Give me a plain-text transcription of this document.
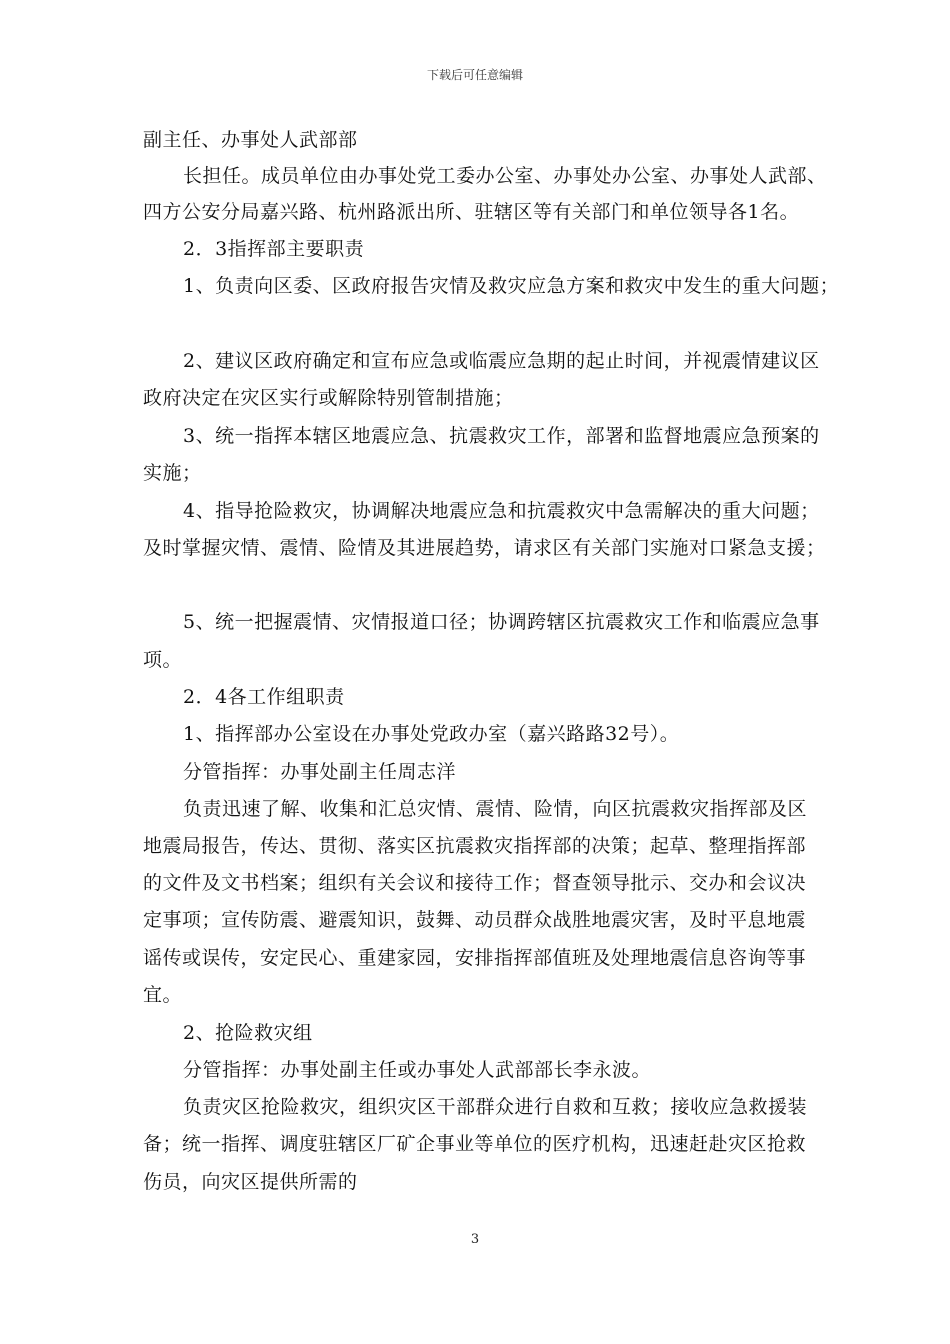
下载后可任意编辑
副主任、办事处人武部部
长担任。成员单位由办事处党工委办公室、办事处办公室、办事处人武部、
四方公安分局嘉兴路、杭州路派出所、驻辖区等有关部门和单位领导各1名。
2．3指挥部主要职责
1、负责向区委、区政府报告灾情及救灾应急方案和救灾中发生的重大问题；
2、建议区政府确定和宣布应急或临震应急期的起止时间，并视震情建议区
政府决定在灾区实行或解除特别管制措施；
3、统一指挥本辖区地震应急、抗震救灾工作，部署和监督地震应急预案的
实施；
4、指导抢险救灾，协调解决地震应急和抗震救灾中急需解决的重大问题；
及时掌握灾情、震情、险情及其进展趋势，请求区有关部门实施对口紧急支援；
5、统一把握震情、灾情报道口径；协调跨辖区抗震救灾工作和临震应急事
项。
2．4各工作组职责
1、指挥部办公室设在办事处党政办室（嘉兴路路32号）。
分管指挥：办事处副主任周志洋
负责迅速了解、收集和汇总灾情、震情、险情，向区抗震救灾指挥部及区
地震局报告，传达、贯彻、落实区抗震救灾指挥部的决策；起草、整理指挥部
的文件及文书档案；组织有关会议和接待工作；督查领导批示、交办和会议决
定事项；宣传防震、避震知识，鼓舞、动员群众战胜地震灾害，及时平息地震
谣传或误传，安定民心、重建家园，安排指挥部值班及处理地震信息咨询等事
宜。
2、抢险救灾组
分管指挥：办事处副主任或办事处人武部部长李永波。
负责灾区抢险救灾，组织灾区干部群众进行自救和互救；接收应急救援装
备；统一指挥、调度驻辖区厂矿企事业等单位的医疗机构，迅速赶赴灾区抢救
伤员，向灾区提供所需的
3
